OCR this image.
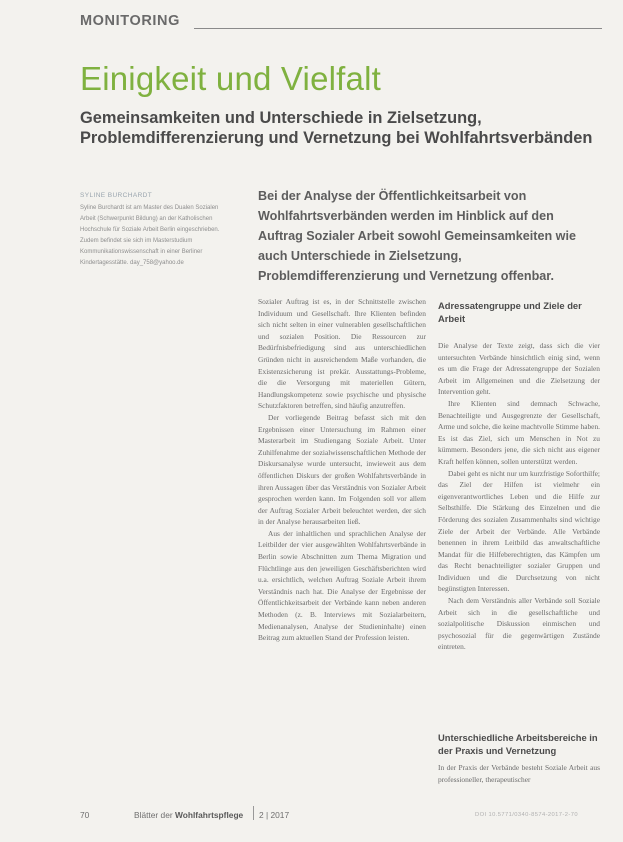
MONITORING
Einigkeit und Vielfalt
Gemeinsamkeiten und Unterschiede in Zielsetzung, Problemdifferenzierung und Vernetzung bei Wohlfahrtsverbänden
SYLINE BURCHARDT
Syline Burchardt ist am Master des Dualen Sozialen Arbeit (Schwerpunkt Bildung) an der Katholischen Hochschule für Soziale Arbeit Berlin eingeschrieben. Zudem befindet sie sich im Masterstudium Kommunikationswissenschaft in einer Berliner Kindertagesstätte. day_758@yahoo.de
Bei der Analyse der Öffentlichkeitsarbeit von Wohlfahrtsverbänden werden im Hinblick auf den Auftrag Sozialer Arbeit sowohl Gemeinsamkeiten wie auch Unterschiede in Zielsetzung, Problemdifferenzierung und Vernetzung offenbar.

Sozialer Auftrag ist es, in der Schnittstelle zwischen Individuum und Gesellschaft. Ihre Klienten befinden sich nicht selten in einer vulnerablen gesellschaftlichen und sozialen Position. Die Ressourcen zur Bedürfnisbefriedigung sind aus unterschiedlichen Gründen nicht in ausreichendem Maße vorhanden, die Existenzsicherung ist prekär. Ausstattungs-Probleme, die die Versorgung mit materiellen Gütern, Handlungskompetenz sowie psychische und physische Schutzfaktoren betreffen, sind häufig anzutreffen.

Der vorliegende Beitrag befasst sich mit den Ergebnissen einer Untersuchung im Rahmen einer Masterarbeit im Studiengang Soziale Arbeit. Unter Zuhilfenahme der sozialwissenschaftlichen Methode der Diskursanalyse wurde untersucht, inwieweit aus dem öffentlichen Diskurs der großen Wohlfahrtsverbände in ihren Aussagen über das Verständnis von Sozialer Arbeit gesprochen werden kann. Im Folgenden soll vor allem der Auftrag Sozialer Arbeit beleuchtet werden, der sich in der Analyse herausarbeiten ließ.

Aus der inhaltlichen und sprachlichen Analyse der Leitbilder der vier ausgewählten Wohlfahrtsverbände in Berlin sowie Abschnitten zum Thema Migration und Flüchtlinge aus den jeweiligen Geschäftsberichten wird u.a. ersichtlich, welchen Auftrag Soziale Arbeit ihrem Verständnis nach hat. Die Analyse der Ergebnisse der Öffentlichkeitsarbeit der Verbände kann neben anderen Methoden (z. B. Interviews mit Sozialarbeitern, Medienanalysen, Analyse der Studieninhalte) einen Beitrag zum aktuellen Stand der Profession leisten.

Adressatengruppe und Ziele der Arbeit

Die Analyse der Texte zeigt, dass sich die vier untersuchten Verbände hinsichtlich einig sind, wenn es um die Frage der Adressatengruppe der Sozialen Arbeit im Allgemeinen und die Zielsetzung der Intervention geht.

Ihre Klienten sind demnach Schwache, Benachteiligte und Ausgegrenzte der Gesellschaft, Arme und solche, die keine machtvolle Stimme haben. Es ist das Ziel, sich um Menschen in Not zu kümmern. Besonders jene, die sich nicht aus eigener Kraft helfen können, sollen unterstützt werden.

Dabei geht es nicht nur um kurzfristige Soforthilfe; das Ziel der Hilfen ist vielmehr ein eigenverantwortliches Leben und die Hilfe zur Selbsthilfe. Die Stärkung des Einzelnen und die Förderung des sozialen Zusammenhalts sind wichtige Ziele der Arbeit der Verbände. Alle Verbände benennen in ihrem Leitbild das anwaltschaftliche Mandat für die Hilfeberechtigten, das Kämpfen um das Recht benachteiligter sozialer Gruppen und Individuen und die Durchsetzung von nicht begünstigten Interessen.

Nach dem Verständnis aller Verbände soll Soziale Arbeit sich in die gesellschaftliche und sozialpolitische Diskussion einmischen und psychosozial für die gegenwärtigen Zustände eintreten.

Unterschiedliche Arbeitsbereiche in der Praxis und Vernetzung
In der Praxis der Verbände besteht Soziale Arbeit aus professioneller, therapeutischer
70	Blätter der Wohlfahrtspflege 2 | 2017	DOI 10.5771/0340-8574-2017-2-70
